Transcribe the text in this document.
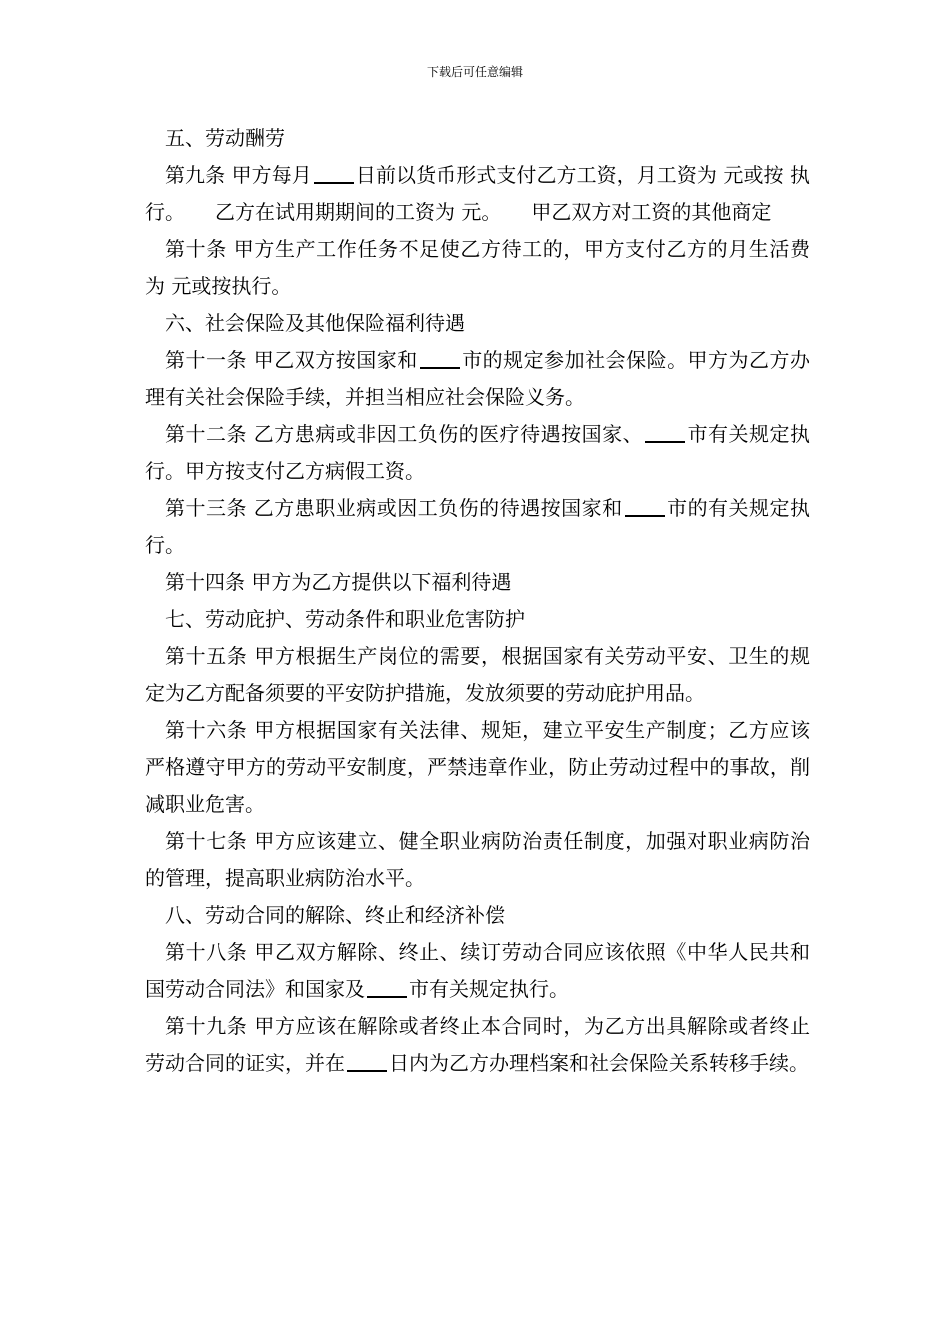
下载后可任意编辑

五、劳动酬劳

第九条 甲方每月 日前以货币形式支付乙方工资，月工资为 元或按 执行。　　乙方在试用期期间的工资为 元。　　甲乙双方对工资的其他商定

第十条 甲方生产工作任务不足使乙方待工的，甲方支付乙方的月生活费为 元或按执行。

六、社会保险及其他保险福利待遇

第十一条 甲乙双方按国家和 市的规定参加社会保险。甲方为乙方办理有关社会保险手续，并担当相应社会保险义务。

第十二条 乙方患病或非因工负伤的医疗待遇按国家、 市有关规定执行。甲方按支付乙方病假工资。

第十三条 乙方患职业病或因工负伤的待遇按国家和 市的有关规定执行。

第十四条 甲方为乙方提供以下福利待遇

七、劳动庇护、劳动条件和职业危害防护

第十五条 甲方根据生产岗位的需要，根据国家有关劳动平安、卫生的规定为乙方配备须要的平安防护措施，发放须要的劳动庇护用品。

第十六条 甲方根据国家有关法律、规矩，建立平安生产制度；乙方应该严格遵守甲方的劳动平安制度，严禁违章作业，防止劳动过程中的事故，削减职业危害。

第十七条 甲方应该建立、健全职业病防治责任制度，加强对职业病防治的管理，提高职业病防治水平。

八、劳动合同的解除、终止和经济补偿

第十八条 甲乙双方解除、终止、续订劳动合同应该依照《中华人民共和国劳动合同法》和国家及 市有关规定执行。

第十九条 甲方应该在解除或者终止本合同时，为乙方出具解除或者终止劳动合同的证实，并在 日内为乙方办理档案和社会保险关系转移手续。
